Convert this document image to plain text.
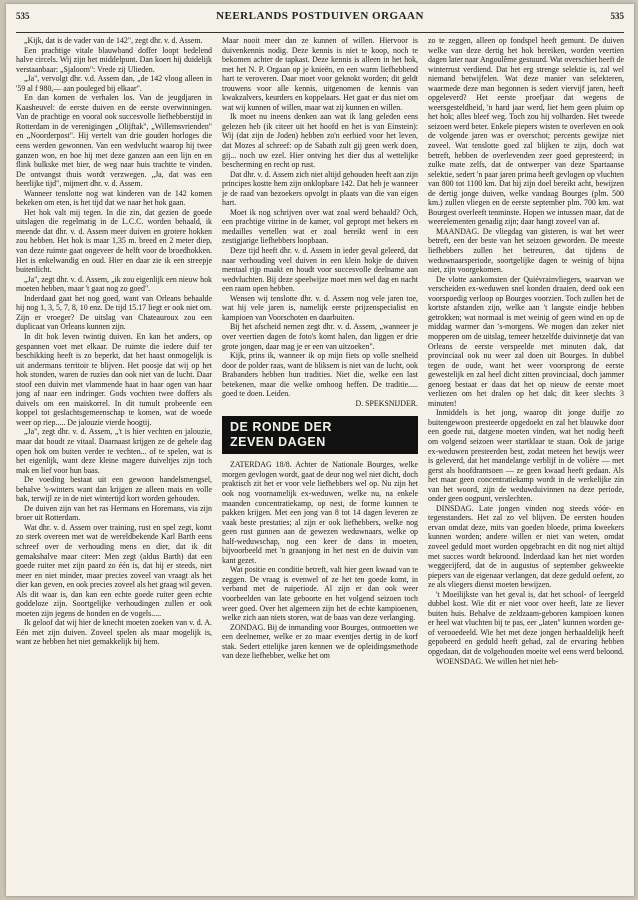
535	NEERLANDS POSTDUIVEN ORGAAN	535

„Kijk, dat is de vader van de 142", zegt dhr. v. d. Assem.

Een prachtige vitale blauwband doffer loopt bedelend halve circels. Wij zijn het middelpunt. Dan koert hij duidelijk verstaanbaar: „Sjaloom": Vrede zij Ulieden.

„Ja", vervolgt dhr. v.d. Assem dan, „de 142 vloog alleen in '59 al f 980,— aan pouleged bij elkaar".

En dan komen de verhalen los. Van de jeugdjaren in Kaasheuvel: de eerste duiven en de eerste overwinningen. Van de prachtige en vooral ook succesvolle liefhebberstijd in Rotterdam in de verenigingen „Olijftak", „Willemsvrienden" en „Noorderpost". Hij vertelt van drie gouden horloges die eens werden gewonnen. Van een wedvlucht waarop hij twee ganzen won, en hoe hij met deze ganzen aan een lijn en en flink bulkske met bier, de weg naar huis trachtte te vinden. De ontvangst thuis wordt verzwegen. „Ja, dat was een heerlijke tijd", mijmert dhr. v. d. Assem.

Wanneer tenslotte nog wat kinderen van de 142 komen bekeken om eten, is het tijd dat we naar het hok gaan.

Het hok valt mij tegen. In die zin, dat gezien de goede uitslagen die regelmatig in de L.C.C. worden behaald, ik meende dat dhr. v. d. Assem meer duiven en grotere hokken zou hebben. Het hok is maar 1,35 m. breed en 2 meter diep, van deze ruimte gaat ongeveer de helft voor de broedhokken. Het is enkelwandig en oud. Hier en daar zie ik een streepje buitenlicht.

„Ja", zegt dhr. v. d. Assem, „ik zou eigenlijk een nieuw hok moeten hebben, maar 't gaat nog zo goed".

Inderdaad gaat het nog goed, want van Orleans behaalde hij nog 1, 3, 5, 7, 8, 10 enz. De tijd 15.17 liegt er ook niet om. Zijn er vroeger? De uitslag van Chateauroux zou een duplicaat van Orleans kunnen zijn.

In dit hok leven twintig duiven. En kan het anders, op gespannen voet met elkaar. De ruimte die iedere duif ter beschikking heeft is zo beperkt, dat het haast onmogelijk is uit andermans territoir te blijven. Het poosje dat wij op het hok stonden, waren de ruzies dan ook niet van de lucht. Daar stoof een duivin met vlammende haat in haar ogen van haar jong af naar een indringer. Gods vochten twee doffers als duivels om een maiskorrel. In dit tumult probeerde een koppel tot geslachtsgemeenschap te komen, wat de woede weer op riep..... De jalouzie vierde hoogtij.

„Ja", zegt dhr. v. d. Assem, „'t is hier vechten en jalouzie, maar dat houdt ze vitaal. Daarnaast krijgen ze de gehele dag open hok om buiten verder te vechten... of te spelen, wat is het eigenlijk, want deze kleine magere duiveltjes zijn toch mak en lief voor hun baas.

De voeding bestaat uit een gewoon handelsmengsel, behalve 's-winters want dan krijgen ze alleen mais en volle bak, terwijl ze in de niet wintertijd kort worden gehouden.

De duiven zijn van het ras Hermans en Horemans, via zijn broer uit Rotterdam.

Wat dhr. v. d. Assem over training, rust en spel zegt, komt zo sterk overeen met wat de wereldbekende Karl Barth eens schreef over de verhouding mens en dier, dat ik dit gemakshalve maar citeer: Men zegt (aldus Barth) dat een goede ruiter met zijn paard zo één is, dat hij er steeds, niet meer en niet minder, maar precies zoveel van vraagt als het dier kan geven, en ook precies zoveel als het graag wil geven. Als dit waar is, dan kan een echte goede ruiter geen echte goddeloze zijn. Soortgelijke verhoudingen zullen er ook moeten zijn jegens de honden en de vogels.....

Ik geloof dat wij hier de knecht moeten zoeken van v. d. A. Eén met zijn duiven. Zoveel spelen als maar mogelijk is, want ze hebben het niet gemakkelijk bij hem.

Maar nooit meer dan ze kunnen of willen. Hiervoor is duivenkennis nodig. Deze kennis is niet te koop, noch te bekomen achter de tapkast. Deze kennis is alleen in het hok, met het N. P. Orgaan op je knieën, en een warm liefhebbend hart te veroveren. Daar moet voor geknokt worden; dit geldt trouwens voor alle kennis, uitgenomen de kennis van kwakzalvers, keurders en koppelaars. Het gaat er dus niet om wat wij kunnen of willen, maar wat zij kunnen en willen.

Ik moet nu ineens denken aan wat ik lang geleden eens gelezen heb (ik citeer uit het hoofd en het is van Einstein): Wij (dat zijn de Joden) hebben zo'n eerbied voor het leven, dat Mozes al schreef: op de Sabath zult gij geen werk doen, gij... noch uw ezel. Hier ontving het dier dus al wettelijke bescherming en recht op rust.

Dat dhr. v. d. Assem zich niet altijd gehouden heeft aan zijn principes kostte hem zijn onklopbare 142. Dat heb je wanneer je de raad van bezoekers opvolgt in plaats van die van eigen hart.

Moet ik nog schrijven over wat zoal werd behaald? Och, een prachtige vitrine in de kamer, vol gepropt met bekers en medailles vertellen wat er zoal bereikt werd in een zestigjarige liefhebbers loopbaan.

Deze tijd heeft dhr. v. d. Assem in ieder geval geleerd, dat naar verhouding veel duiven in een klein hokje de duiven mentaal rijp maakt en houdt voor succesvolle deelname aan wedvluchten. Bij deze speelwijze moet men wel dag en nacht een raam open hebben.

Wensen wij tenslotte dhr. v. d. Assem nog vele jaren toe, wat hij vele jaren is, namelijk eerste prijzenspecialist en kampioen van Voorschoten en daarbuiten.

Bij het afscheid nemen zegt dhr. v. d. Assem, „wanneer je over veertien dagen de foto's komt halen, dan liggen er drie grote jongen, daar mag je er een van uitzoeken".

Kijk, prins ik, wanneer ik op mijn fiets op volle snelheid door de polder raas, want de bliksem is niet van de lucht, ook Brabanders hebben hun tradities. Niet die, welke een last betekenen, maar die welke omhoog heffen. De traditie..... goed te doen. Leiden.

D. SPEKSNIJDER.

DE RONDE DER
ZEVEN DAGEN

ZATERDAG 18/8. Achter de Nationale Bourges, welke morgen gevlogen wordt, gaat de deur nog wel niet dicht, doch praktisch zit het er voor vele liefhebbers wel op. Nu zijn het ook nog voornamelijk ex-weduwen, welke nu, na enkele maanden concentratiekamp, op nest, de forme kunnen te pakken krijgen. Met een jong van 8 tot 14 dagen leveren ze vaak beste prestaties; al zijn er ook liefhebbers, welke nog geen rust gunnen aan de gewezen weduwnaars, welke op half-weduwschap, nog een keer de dans in moeten, bijvoorbeeld met 'n graanjong in het nest en de duivin van kant gezet.

Wat positie en conditie betreft, valt hier geen kwaad van te zeggen. De vraag is evenwel of ze het ten goede komt, in verband met de ruiperiode. Al zijn er dan ook weer voorbeelden van late geboorte en het volgend seizoen toch weer goed. Over het algemeen zijn het de echte kampioenen, welke zich aan niets storen, wat de baas van deze verlanging.

ZONDAG. Bij de inmanding voor Bourges, ontmoetten we een deelnemer, welke er zo maar eventjes dertig in de korf stak. Sedert ettelijke jaren kennen we de opleidingsmethode van deze liefhebber, welke het om

zo te zeggen, alleen op fondspel heeft gemunt. De duiven welke van deze dertig het hok bereiken, worden veertien dagen later naar Angoulême gestuurd. Wat overschiet heeft de winterrust verdiend. Dat het erg strenge selektie is, zal wel niemand betwijfelen. Wat deze manier van selekteren, waarmede deze man begonnen is sedert viervijf jaren, heeft opgeleverd? Het eerste proefjaar dat wegens de weersgesteldheid, 'n hard jaar werd, liet hem geen pluim op het hok; alles bleef weg. Toch zou hij volharden. Het tweede seizoen werd beter. Enkele piepers wisten te overleven en ook de volgende jaren was er overschot; percents gewijze niet zoveel. Wat tenslotte goed zal blijken te zijn, doch wat betreft, hebben de overlevenden zeer goed gepresteerd; in zulke mate zelfs, dat de ontwerper van deze Spartaanse selektie, sedert 'n paar jaren prima heeft gevlogen op vluchten van 800 tot 1100 km. Dat hij zijn doel bereikt acht, bewijzen de dertig jonge duiven, welke vandaag Bourges (plm. 500 km.) zullen vliegen en de eerste september plm. 700 km. wat Bourgest overleeft tenminste. Hopen we intussen maar, dat de weerelementen genadig zijn; daar hangt zoveel van af.

MAANDAG. De vliegdag van gisteren, is wat het weer betreft, een der beste van het seizoen geworden. De meeste liefhebbers zullen het betreuren, dat tijdens de weduwnaarsperiode, soortgelijke dagen te weinig of bijna niet, zijn voorgekomen.

De vlotte aankomsten der Quiévrainvliegers, waarvan we verscheiden ex-weduwen snel konden draaien, deed ook een voorspoedig verloop op Bourges voorzien. Toch zullen het de kortste afstanden zijn, welke aan 't langste eindje hebben getrokken; wat normaal is met weinig of geen wind en op de middag warmer dan 's-morgens. We mogen dan zeker niet mopperen om de uitslag, temeer hetzelfde duivinnetje dat van Orleans de eerste verspeelde met minuten dak, dat provinciaal ook nu weer zal doen uit Bourges. In dubbel tegen de oude, want het weer voorsprong de eerste gewestelijk en zal heel dicht zitten provinciaal, doch jammer genoeg bestaat er daas dat het op nieuw de eerste moet verliezen om het dralen op het dak; dit keer slechts 3 minuten!

Inmiddels is het jong, waarop dit jonge duifje zo buitengewoon presteerde opgedoekt en zal het blauwke door een goede rui, datgene moeten vinden, wat het nodig heeft om volgend seizoen weer startklaar te staan. Ook de jarige ex-weduwen presteerden best, zodat meteen het bewijs weer is geleverd, dat het mandelange verblijf in de volière — met gerst als hoofdrantsoen — ze geen kwaad heeft gedaan. Als het maar geen concentratiekamp wordt in de werkelijke zin van het woord, zijn de weduwduivinnen na deze periode, onder geen oogpunt, verslechten.

DINSDAG. Late jongen vinden nog steeds vóór- en tegenstanders. Het zal zo vel blijven. De eersten houden ervan omdat deze, mits van goeden bloede, prima kweekers kunnen worden; andere willen er niet van weten, omdat zoveel geduld moet worden opgebracht en dit nog niet altijd met succes wordt bekroond. Inderdaad kan het niet worden weggecijferd, dat de in augustus of september gekweekte piepers van de eigenaar verlangen, dat deze geduld oefent, zo ze als vliegers dienst moeten bewijzen.

't Moeilijkste van het geval is, dat het school- of leergeld dubbel kost. Wie dit er niet voor over heeft, late ze liever buiten huis. Behalve de zeldzaam-geboren kampioen konen er heel wat vluchten bij te pas, eer „laten" kunnen worden ge- of verooedeeld. Wie het met deze jongen herhaaldelijk heeft gepobeerd en geduld heeft gehad, zal de ervaring hebben opgedaan, dat de volgehouden moeite wel eens werd beloond.

WOENSDAG. We willen het niet heb-
